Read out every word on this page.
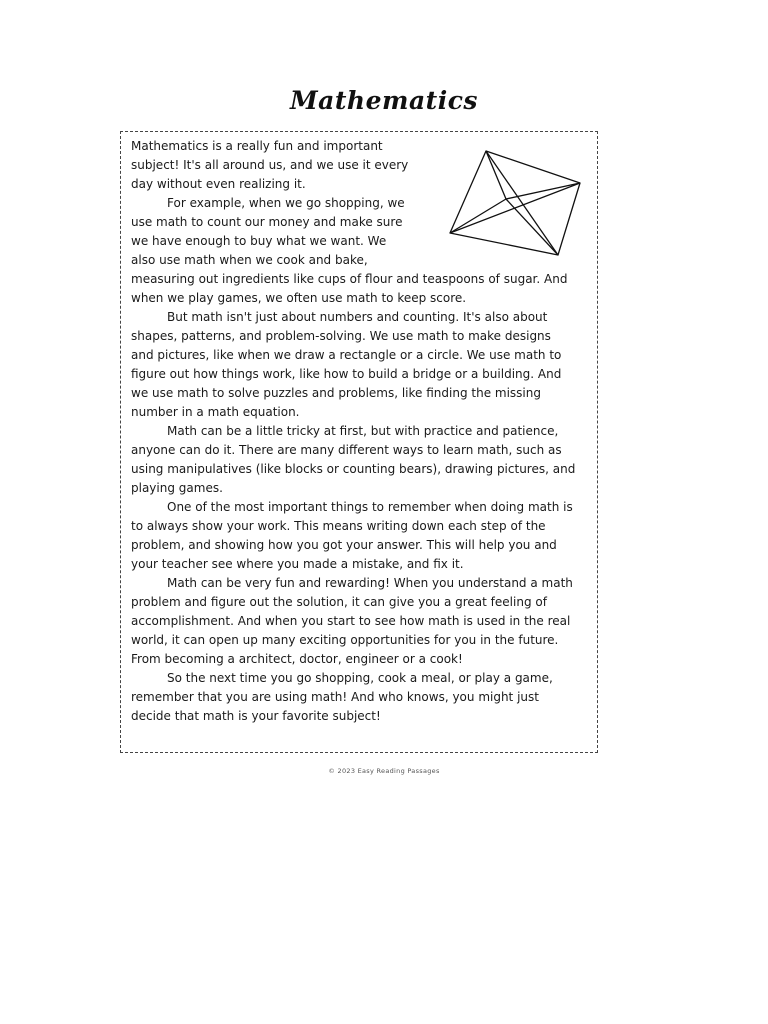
Mathematics

Mathematics is a really fun and important
subject! It's all around us, and we use it every
day without even realizing it.

For example, when we go shopping, we
use math to count our money and make sure
we have enough to buy what we want. We
also use math when we cook and bake,
measuring out ingredients like cups of flour and teaspoons of sugar. And
when we play games, we often use math to keep score.

But math isn't just about numbers and counting. It's also about
shapes, patterns, and problem-solving. We use math to make designs
and pictures, like when we draw a rectangle or a circle. We use math to
figure out how things work, like how to build a bridge or a building. And
we use math to solve puzzles and problems, like finding the missing
number in a math equation.

Math can be a little tricky at first, but with practice and patience,
anyone can do it. There are many different ways to learn math, such as
using manipulatives (like blocks or counting bears), drawing pictures, and
playing games.

One of the most important things to remember when doing math is
to always show your work. This means writing down each step of the
problem, and showing how you got your answer. This will help you and
your teacher see where you made a mistake, and fix it.

Math can be very fun and rewarding! When you understand a math
problem and figure out the solution, it can give you a great feeling of
accomplishment. And when you start to see how math is used in the real
world, it can open up many exciting opportunities for you in the future.
From becoming a architect, doctor, engineer or a cook!

So the next time you go shopping, cook a meal, or play a game,
remember that you are using math! And who knows, you might just
decide that math is your favorite subject!

© 2023 Easy Reading Passages
